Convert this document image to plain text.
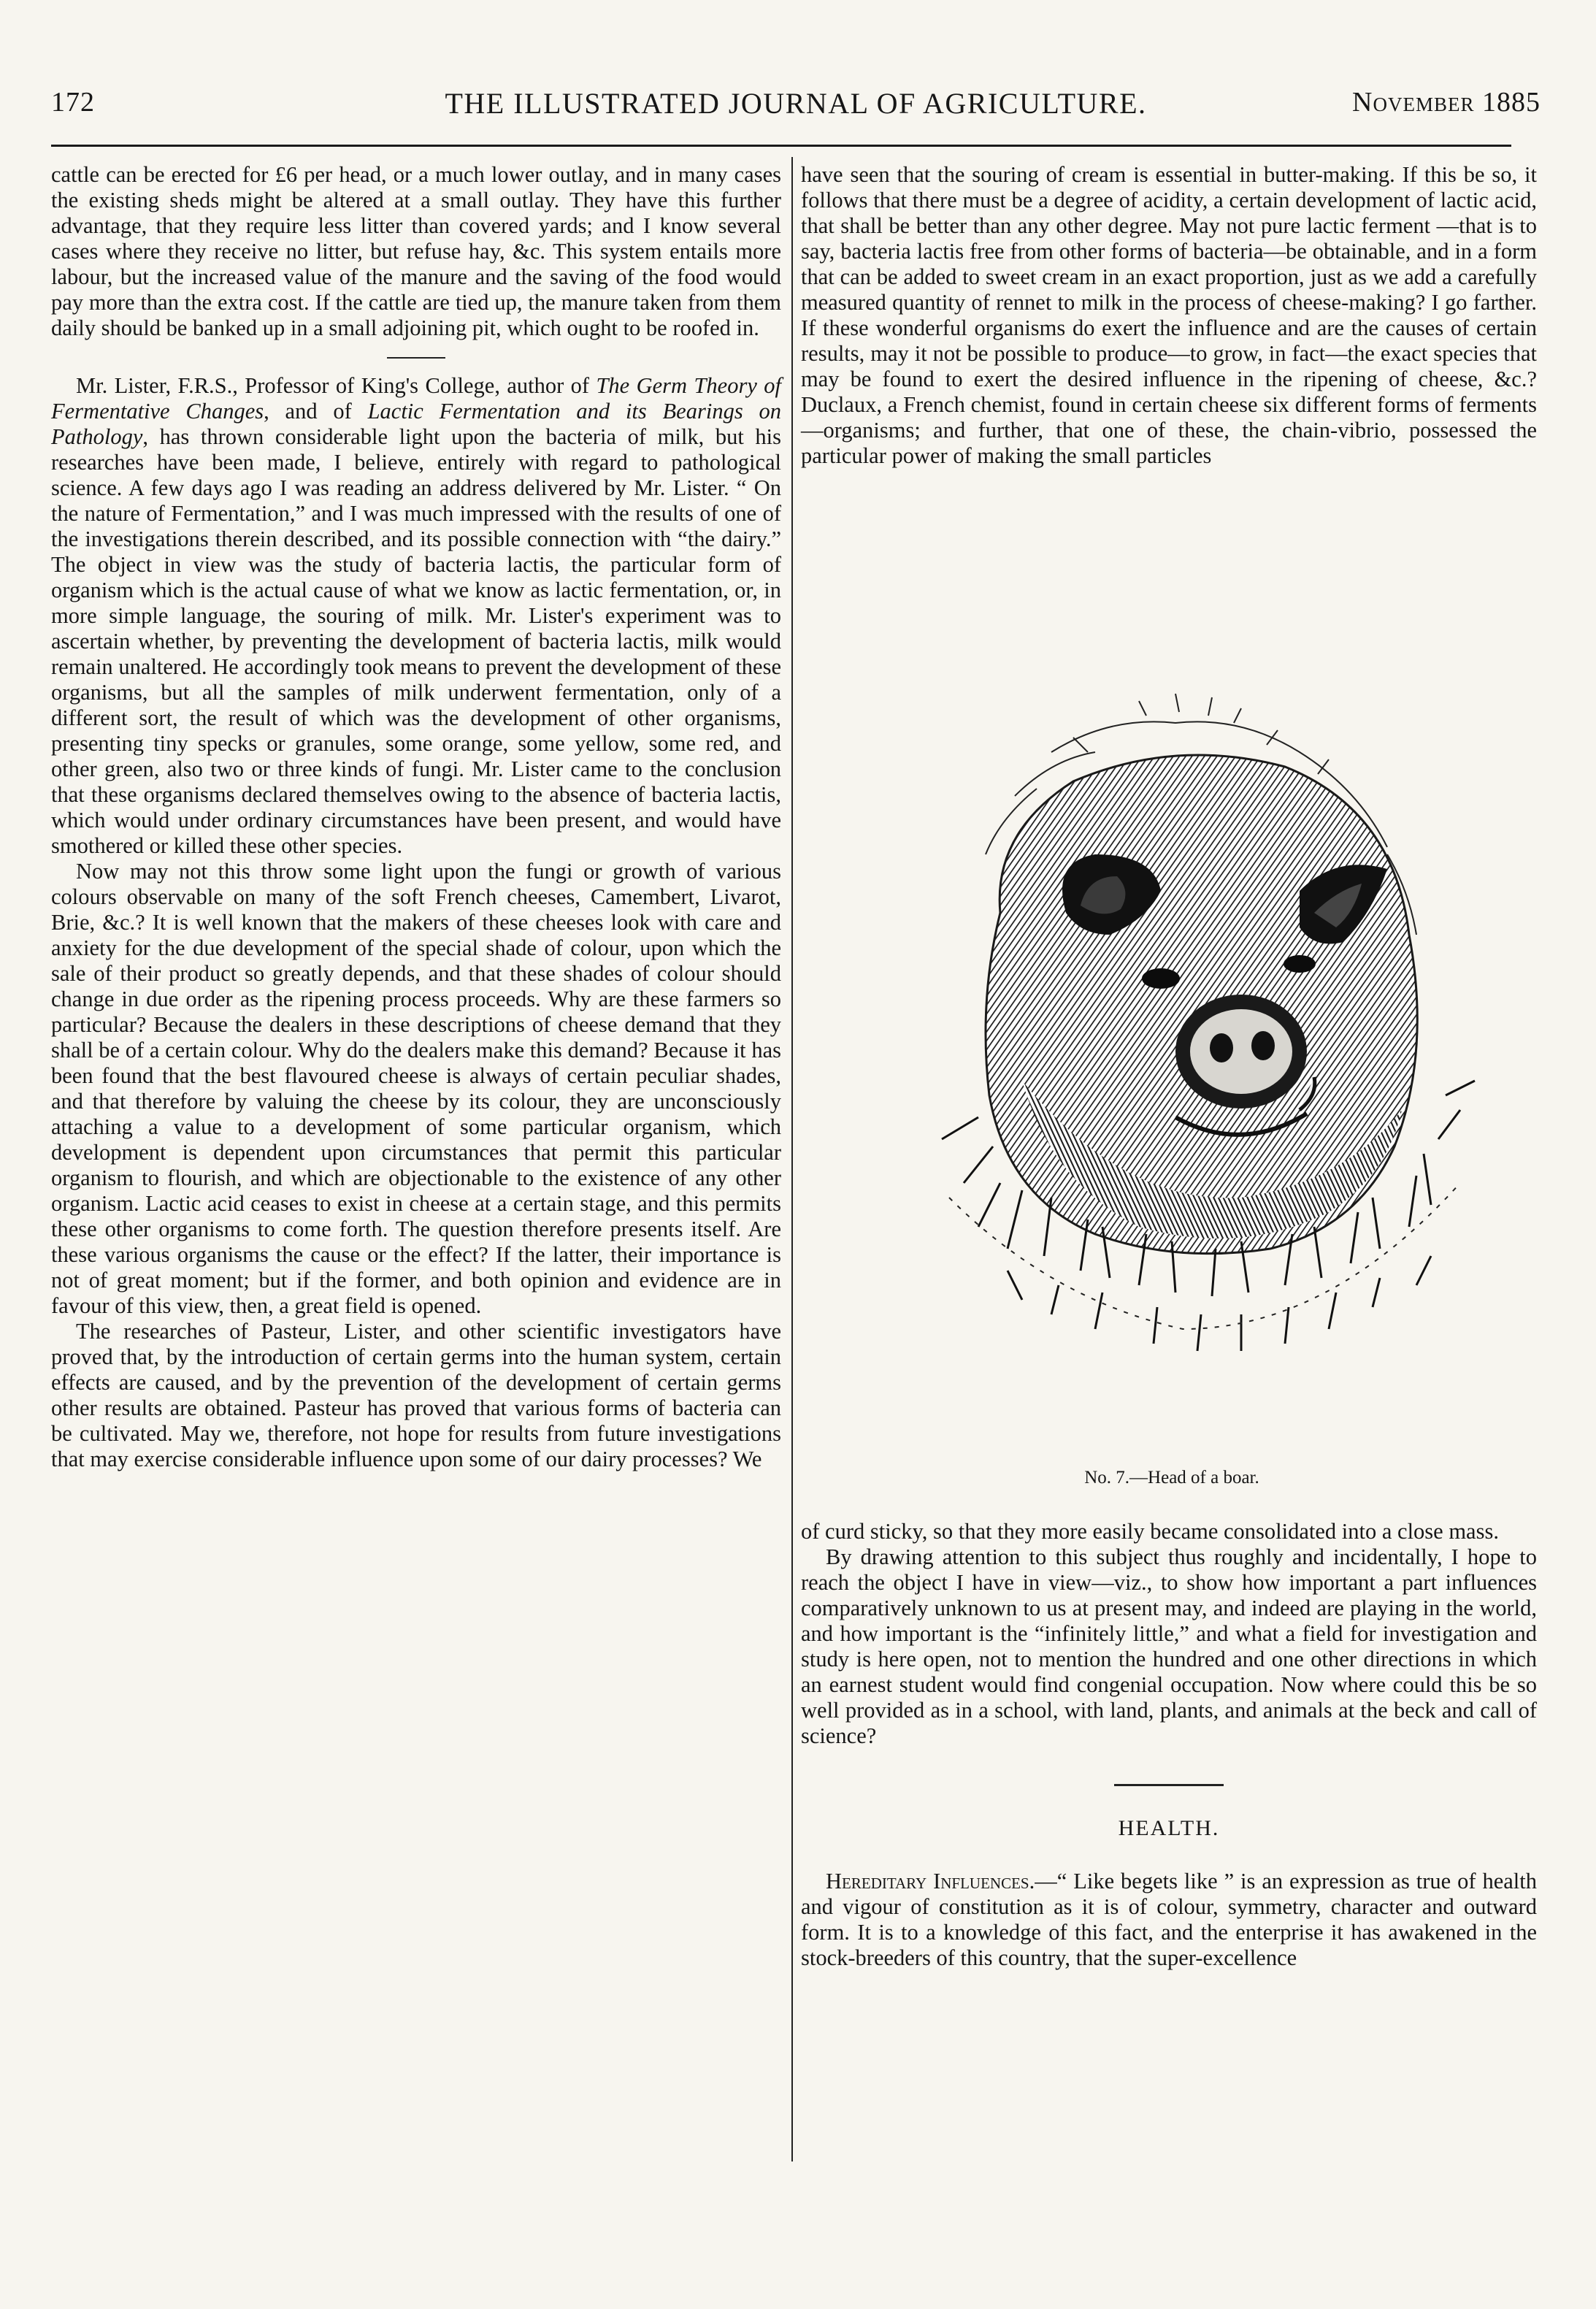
172	THE ILLUSTRATED JOURNAL OF AGRICULTURE.	November 1885

cattle can be erected for £6 per head, or a much lower outlay, and in many cases the existing sheds might be altered at a small outlay. They have this further advantage, that they require less litter than covered yards; and I know several cases where they receive no litter, but refuse hay, &c. This system entails more labour, but the increased value of the manure and the saving of the food would pay more than the extra cost. If the cattle are tied up, the manure taken from them daily should be banked up in a small adjoining pit, which ought to be roofed in.

Mr. Lister, F.R.S., Professor of King's College, author of The Germ Theory of Fermentative Changes, and of Lactic Fermentation and its Bearings on Pathology, has thrown considerable light upon the bacteria of milk, but his researches have been made, I believe, entirely with regard to pathological science. A few days ago I was reading an address delivered by Mr. Lister. “ On the nature of Fermentation,” and I was much impressed with the results of one of the investigations therein described, and its possible connection with “the dairy.” The object in view was the study of bacteria lactis, the particular form of organism which is the actual cause of what we know as lactic fermentation, or, in more simple language, the souring of milk. Mr. Lister's experiment was to ascertain whether, by preventing the development of bacteria lactis, milk would remain unaltered. He accordingly took means to prevent the development of these organisms, but all the samples of milk underwent fermentation, only of a different sort, the result of which was the development of other organisms, presenting tiny specks or granules, some orange, some yellow, some red, and other green, also two or three kinds of fungi. Mr. Lister came to the conclusion that these organisms declared themselves owing to the absence of bacteria lactis, which would under ordinary circumstances have been present, and would have smothered or killed these other species.

Now may not this throw some light upon the fungi or growth of various colours observable on many of the soft French cheeses, Camembert, Livarot, Brie, &c.? It is well known that the makers of these cheeses look with care and anxiety for the due development of the special shade of colour, upon which the sale of their product so greatly depends, and that these shades of colour should change in due order as the ripening process proceeds. Why are these farmers so particular? Because the dealers in these descriptions of cheese demand that they shall be of a certain colour. Why do the dealers make this demand? Because it has been found that the best flavoured cheese is always of certain peculiar shades, and that therefore by valuing the cheese by its colour, they are unconsciously attaching a value to a development of some particular organism, which development is dependent upon circumstances that permit this particular organism to flourish, and which are objectionable to the existence of any other organism. Lactic acid ceases to exist in cheese at a certain stage, and this permits these other organisms to come forth. The question therefore presents itself. Are these various organisms the cause or the effect? If the latter, their importance is not of great moment; but if the former, and both opinion and evidence are in favour of this view, then, a great field is opened.

The researches of Pasteur, Lister, and other scientific investigators have proved that, by the introduction of certain germs into the human system, certain effects are caused, and by the prevention of the development of certain germs other results are obtained. Pasteur has proved that various forms of bacteria can be cultivated. May we, therefore, not hope for results from future investigations that may exercise considerable influence upon some of our dairy processes? We

have seen that the souring of cream is essential in butter-making. If this be so, it follows that there must be a degree of acidity, a certain development of lactic acid, that shall be better than any other degree. May not pure lactic ferment —that is to say, bacteria lactis free from other forms of bacteria—be obtainable, and in a form that can be added to sweet cream in an exact proportion, just as we add a carefully measured quantity of rennet to milk in the process of cheese-making? I go farther. If these wonderful organisms do exert the influence and are the causes of certain results, may it not be possible to produce—to grow, in fact—the exact species that may be found to exert the desired influence in the ripening of cheese, &c.? Duclaux, a French chemist, found in certain cheese six different forms of ferments—organisms; and further, that one of these, the chain-vibrio, possessed the particular power of making the small particles

No. 7.—Head of a boar.

of curd sticky, so that they more easily became consolidated into a close mass.

By drawing attention to this subject thus roughly and incidentally, I hope to reach the object I have in view—viz., to show how important a part influences comparatively unknown to us at present may, and indeed are playing in the world, and how important is the “infinitely little,” and what a field for investigation and study is here open, not to mention the hundred and one other directions in which an earnest student would find congenial occupation. Now where could this be so well provided as in a school, with land, plants, and animals at the beck and call of science?

HEALTH.

Hereditary Influences.—“ Like begets like ” is an expression as true of health and vigour of constitution as it is of colour, symmetry, character and outward form. It is to a knowledge of this fact, and the enterprise it has awakened in the stock-breeders of this country, that the super-excellence
